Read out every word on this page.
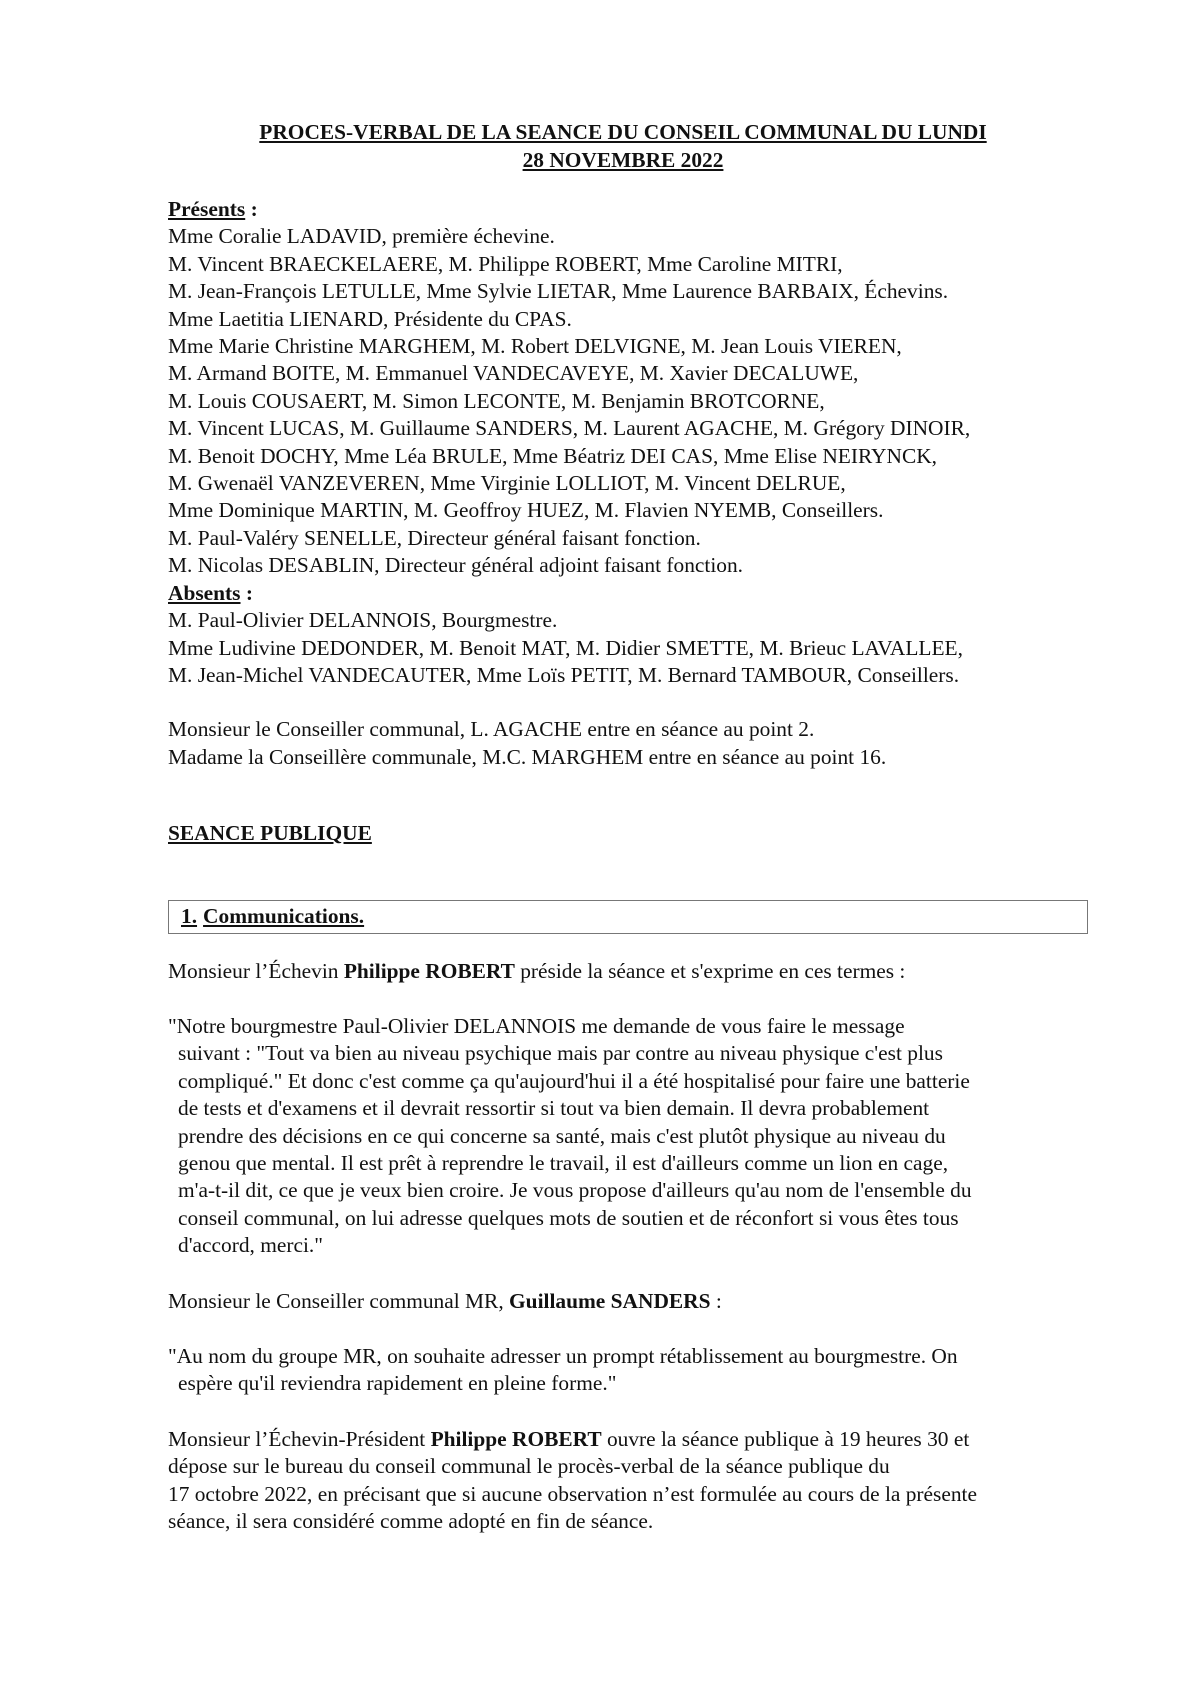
PROCES-VERBAL DE LA SEANCE DU CONSEIL COMMUNAL DU LUNDI
28 NOVEMBRE 2022
Présents :
Mme Coralie LADAVID, première échevine.
M. Vincent BRAECKELAERE, M. Philippe ROBERT, Mme Caroline MITRI,
M. Jean-François LETULLE, Mme Sylvie LIETAR, Mme Laurence BARBAIX, Échevins.
Mme Laetitia LIENARD, Présidente du CPAS.
Mme Marie Christine MARGHEM, M. Robert DELVIGNE, M. Jean Louis VIEREN,
M. Armand BOITE, M. Emmanuel VANDECAVEYE, M. Xavier DECALUWE,
M. Louis COUSAERT, M. Simon LECONTE, M. Benjamin BROTCORNE,
M. Vincent LUCAS, M. Guillaume SANDERS, M. Laurent AGACHE, M. Grégory DINOIR,
M. Benoit DOCHY, Mme Léa BRULE, Mme Béatriz DEI CAS, Mme Elise NEIRYNCK,
M. Gwenaël VANZEVEREN, Mme Virginie LOLLIOT, M. Vincent DELRUE,
Mme Dominique MARTIN, M. Geoffroy HUEZ, M. Flavien NYEMB, Conseillers.
M. Paul-Valéry SENELLE, Directeur général faisant fonction.
M. Nicolas DESABLIN, Directeur général adjoint faisant fonction.
Absents :
M. Paul-Olivier DELANNOIS, Bourgmestre.
Mme Ludivine DEDONDER, M. Benoit MAT, M. Didier SMETTE, M. Brieuc LAVALLEE,
M. Jean-Michel VANDECAUTER, Mme Loïs PETIT, M. Bernard TAMBOUR, Conseillers.
Monsieur le Conseiller communal, L. AGACHE entre en séance au point 2.
Madame la Conseillère communale, M.C. MARGHEM entre en séance au point 16.
SEANCE PUBLIQUE
1. Communications.
Monsieur l’Échevin Philippe ROBERT préside la séance et s'exprime en ces termes :
"Notre bourgmestre Paul-Olivier DELANNOIS me demande de vous faire le message
suivant : "Tout va bien au niveau psychique mais par contre au niveau physique c'est plus
compliqué." Et donc c'est comme ça qu'aujourd'hui il a été hospitalisé pour faire une batterie
de tests et d'examens et il devrait ressortir si tout va bien demain. Il devra probablement
prendre des décisions en ce qui concerne sa santé, mais c'est plutôt physique au niveau du
genou que mental. Il est prêt à reprendre le travail, il est d'ailleurs comme un lion en cage,
m'a-t-il dit, ce que je veux bien croire. Je vous propose d'ailleurs qu'au nom de l'ensemble du
conseil communal, on lui adresse quelques mots de soutien et de réconfort si vous êtes tous
d'accord, merci."
Monsieur le Conseiller communal MR, Guillaume SANDERS :
"Au nom du groupe MR, on souhaite adresser un prompt rétablissement au bourgmestre. On
espère qu'il reviendra rapidement en pleine forme."
Monsieur l’Échevin-Président Philippe ROBERT ouvre la séance publique à 19 heures 30 et
dépose sur le bureau du conseil communal le procès-verbal de la séance publique du
17 octobre 2022, en précisant que si aucune observation n’est formulée au cours de la présente
séance, il sera considéré comme adopté en fin de séance.
